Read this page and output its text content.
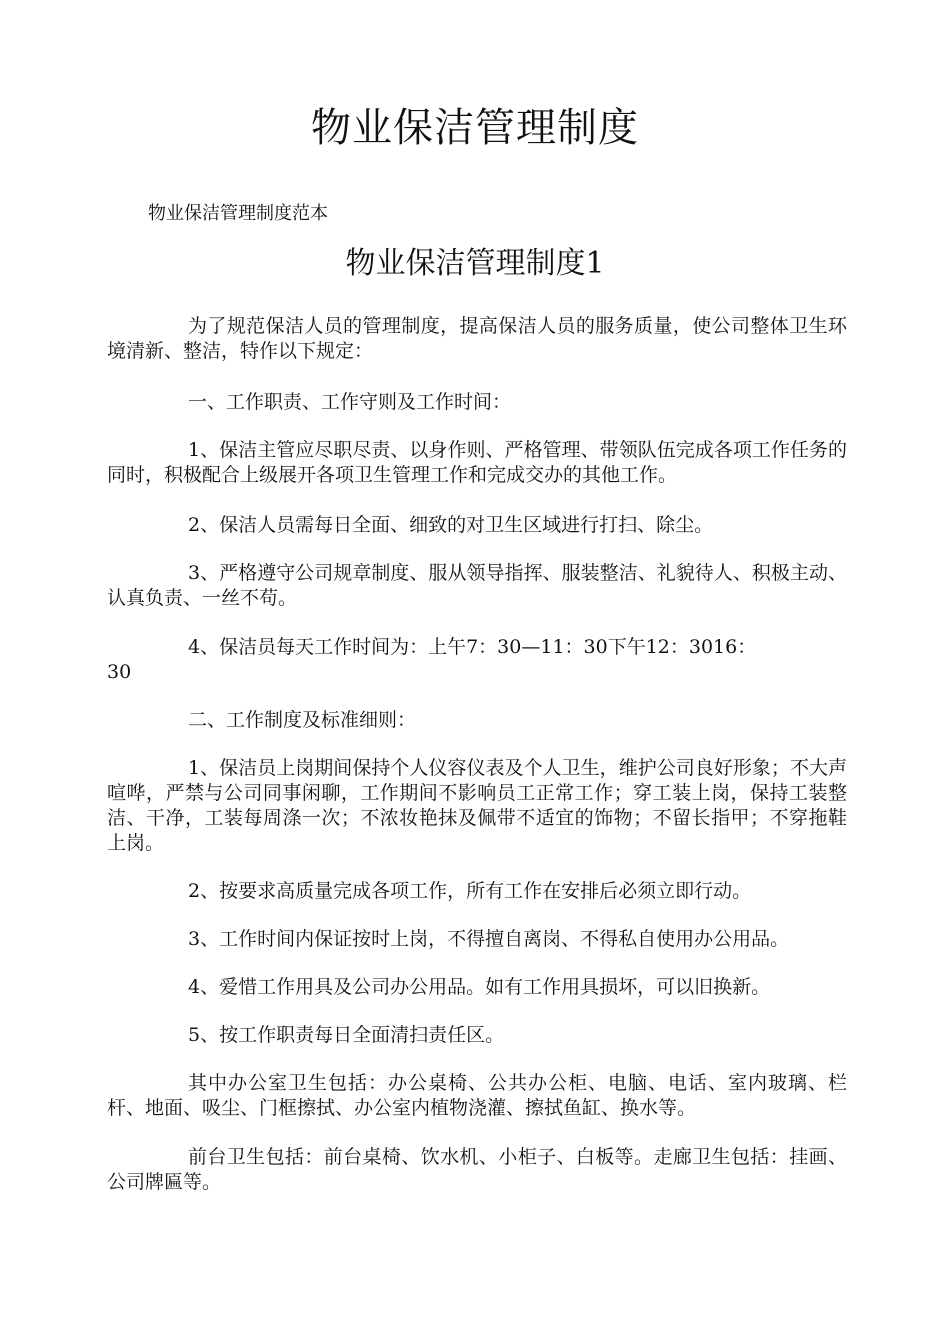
物业保洁管理制度

物业保洁管理制度范本

物业保洁管理制度1

为了规范保洁人员的管理制度，提高保洁人员的服务质量，使公司整体卫生环境清新、整洁，特作以下规定：

一、工作职责、工作守则及工作时间：

1、保洁主管应尽职尽责、以身作则、严格管理、带领队伍完成各项工作任务的同时，积极配合上级展开各项卫生管理工作和完成交办的其他工作。

2、保洁人员需每日全面、细致的对卫生区域进行打扫、除尘。

3、严格遵守公司规章制度、服从领导指挥、服装整洁、礼貌待人、积极主动、认真负责、一丝不苟。

4、保洁员每天工作时间为：上午7：30—11：30下午12：3016：

30

二、工作制度及标准细则：

1、保洁员上岗期间保持个人仪容仪表及个人卫生，维护公司良好形象；不大声喧哗，严禁与公司同事闲聊，工作期间不影响员工正常工作；穿工装上岗，保持工装整洁、干净，工装每周涤一次；不浓妆艳抹及佩带不适宜的饰物；不留长指甲；不穿拖鞋上岗。

2、按要求高质量完成各项工作，所有工作在安排后必须立即行动。

3、工作时间内保证按时上岗，不得擅自离岗、不得私自使用办公用品。

4、爱惜工作用具及公司办公用品。如有工作用具损坏，可以旧换新。

5、按工作职责每日全面清扫责任区。

其中办公室卫生包括：办公桌椅、公共办公柜、电脑、电话、室内玻璃、栏杆、地面、吸尘、门框擦拭、办公室内植物浇灌、擦拭鱼缸、换水等。

前台卫生包括：前台桌椅、饮水机、小柜子、白板等。走廊卫生包括：挂画、公司牌匾等。
